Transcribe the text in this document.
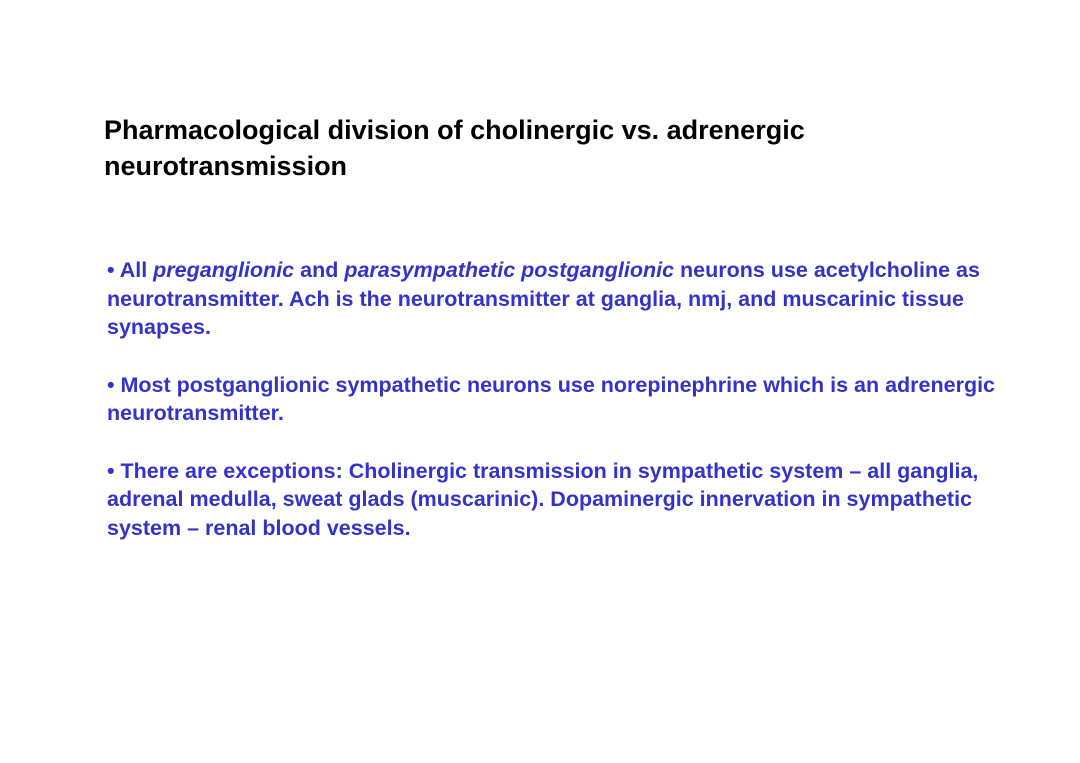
Pharmacological division of cholinergic vs. adrenergic neurotransmission
• All preganglionic and parasympathetic postganglionic neurons use acetylcholine as neurotransmitter. Ach is the neurotransmitter at ganglia, nmj, and muscarinic tissue synapses.
• Most postganglionic sympathetic neurons use norepinephrine which is an adrenergic neurotransmitter.
• There are exceptions: Cholinergic transmission in sympathetic system – all ganglia, adrenal medulla, sweat glads (muscarinic). Dopaminergic innervation in sympathetic system – renal blood vessels.
